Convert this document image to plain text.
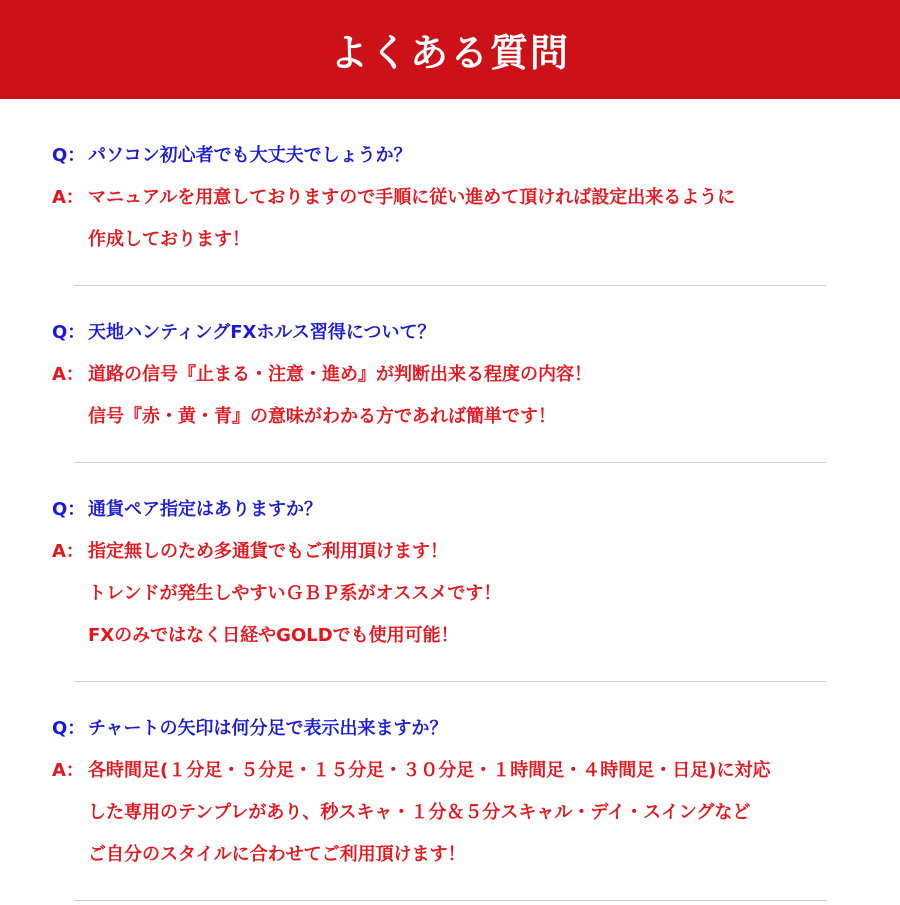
よくある質問
Q： パソコン初心者でも大丈夫でしょうか？
A： マニュアルを用意しておりますので手順に従い進めて頂ければ設定出来るように
作成しております！
Q： 天地ハンティングFXホルス習得について？
A： 道路の信号『止まる・注意・進め』が判断出来る程度の内容！
信号『赤・黄・青』の意味がわかる方であれば簡単です！
Q： 通貨ペア指定はありますか？
A： 指定無しのため多通貨でもご利用頂けます！
トレンドが発生しやすいＧＢＰ系がオススメです！
FXのみではなく日経やGOLDでも使用可能！
Q： チャートの矢印は何分足で表示出来ますか？
A： 各時間足(１分足・５分足・１５分足・３０分足・１時間足・４時間足・日足)に対応
した専用のテンプレがあり、秒スキャ・１分＆５分スキャル・デイ・スイングなど
ご自分のスタイルに合わせてご利用頂けます！
